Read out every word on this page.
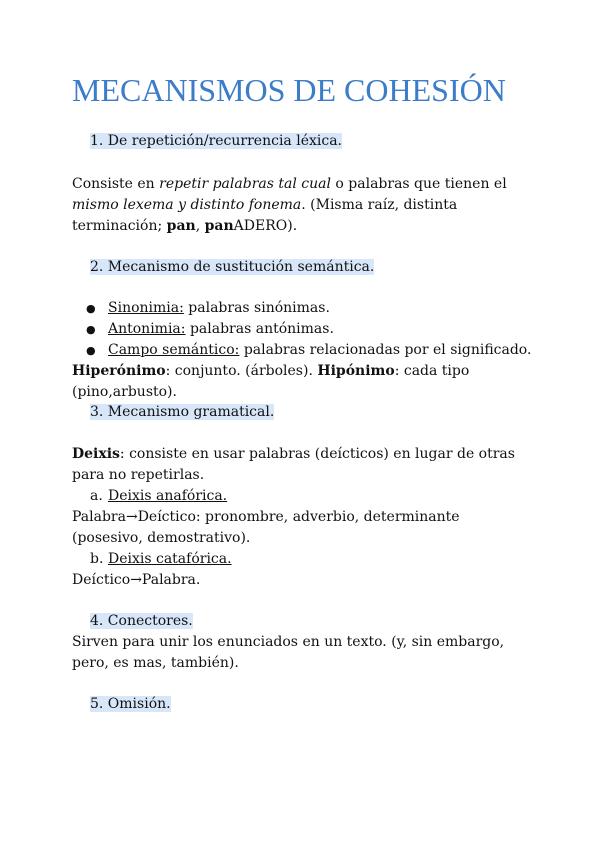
MECANISMOS DE COHESIÓN
1. De repetición/recurrencia léxica.

Consiste en repetir palabras tal cual o palabras que tienen el mismo lexema y distinto fonema. (Misma raíz, distinta terminación; pan, panADERO).

2. Mecanismo de sustitución semántica.
● Sinonimia: palabras sinónimas.
● Antonimia: palabras antónimas.
● Campo semántico: palabras relacionadas por el significado.

Hiperónimo: conjunto. (árboles). Hipónimo: cada tipo (pino,arbusto).

3. Mecanismo gramatical.

Deixis: consiste en usar palabras (deícticos) en lugar de otras para no repetirlas.

a. Deixis anafórica.

Palabra→Deíctico: pronombre, adverbio, determinante (posesivo, demostrativo).

b. Deixis catafórica.

Deíctico→Palabra.

4. Conectores.

Sirven para unir los enunciados en un texto. (y, sin embargo, pero, es mas, también).

5. Omisión.
